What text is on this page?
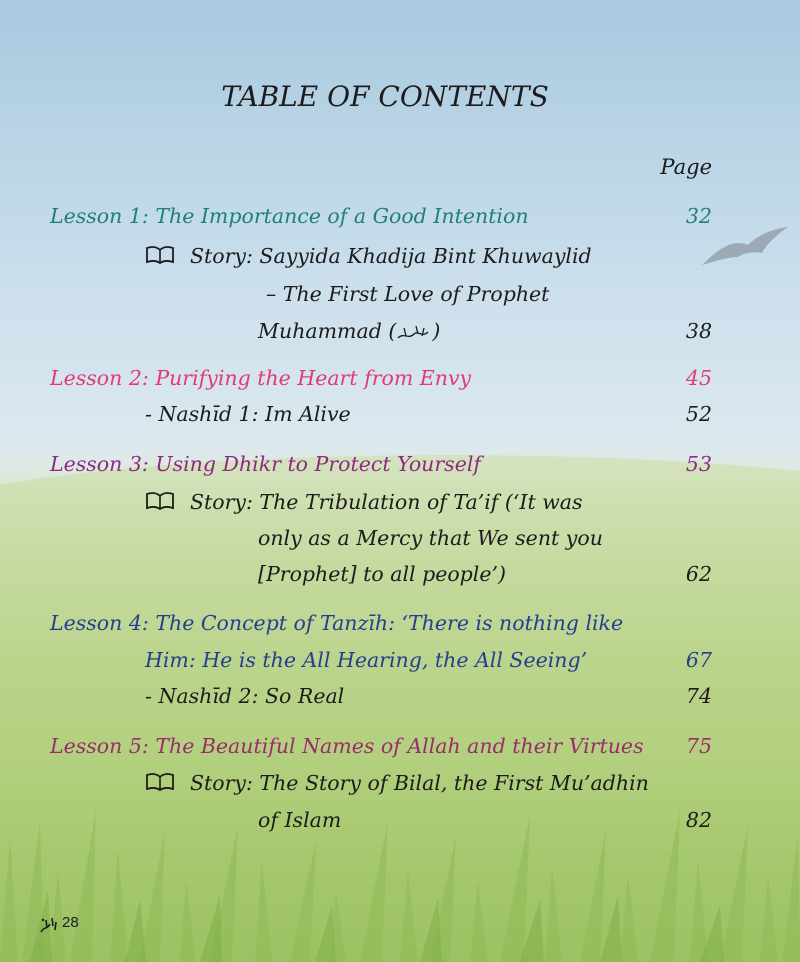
TABLE OF CONTENTS
Page
Lesson 1: The Importance of a Good Intention	32
Story: Sayyida Khadija Bint Khuwaylid
– The First Love of Prophet
Muhammad ( )	38
Lesson 2: Purifying the Heart from Envy	45
- Nashīd 1: Im Alive	52
Lesson 3: Using Dhikr to Protect Yourself	53
Story: The Tribulation of Ta’if (‘It was
only as a Mercy that We sent you
[Prophet] to all people’)	62
Lesson 4: The Concept of Tanzīh: ‘There is nothing like
Him: He is the All Hearing, the All Seeing’	67
- Nashīd 2: So Real	74
Lesson 5: The Beautiful Names of Allah and their Virtues	75
Story: The Story of Bilal, the First Mu’adhin
of Islam	82
28
